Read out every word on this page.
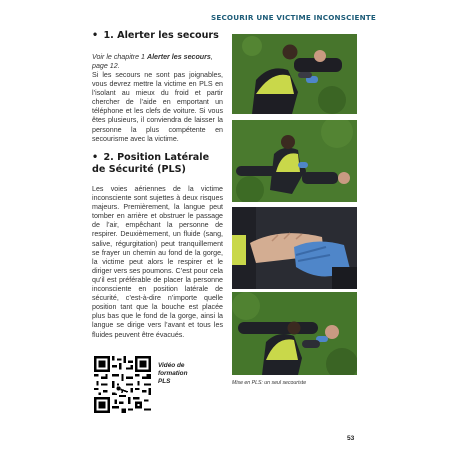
SECOURIR UNE VICTIME INCONSCIENTE
• 1. Alerter les secours
Voir le chapitre 1 Alerter les secours, page 12.

Si les secours ne sont pas joignables, vous devrez mettre la victime en PLS en l’isolant au mieux du froid et partir chercher de l’aide en emportant un téléphone et les clefs de voiture. Si vous êtes plusieurs, il conviendra de laisser la personne la plus compétente en secourisme avec la victime.

• 2. Position Latérale de Sécurité (PLS)

Les voies aériennes de la victime inconsciente sont sujettes à deux risques majeurs. Premièrement, la langue peut tomber en arrière et obstruer le passage de l’air, empêchant la personne de respirer. Deuxièmement, un fluide (sang, salive, régurgitation) peut tranquillement se frayer un chemin au fond de la gorge, la victime peut alors le respirer et le diriger vers ses poumons. C’est pour cela qu’il est préférable de placer la personne inconsciente en position latérale de sécurité, c’est-à-dire n’importe quelle position tant que la bouche est placée plus bas que le fond de la gorge, ainsi la langue se dirige vers l’avant et tous les fluides peuvent être évacués.

Vidéo de
formation
PLS	Mise en PLS: un seul secouriste
53
